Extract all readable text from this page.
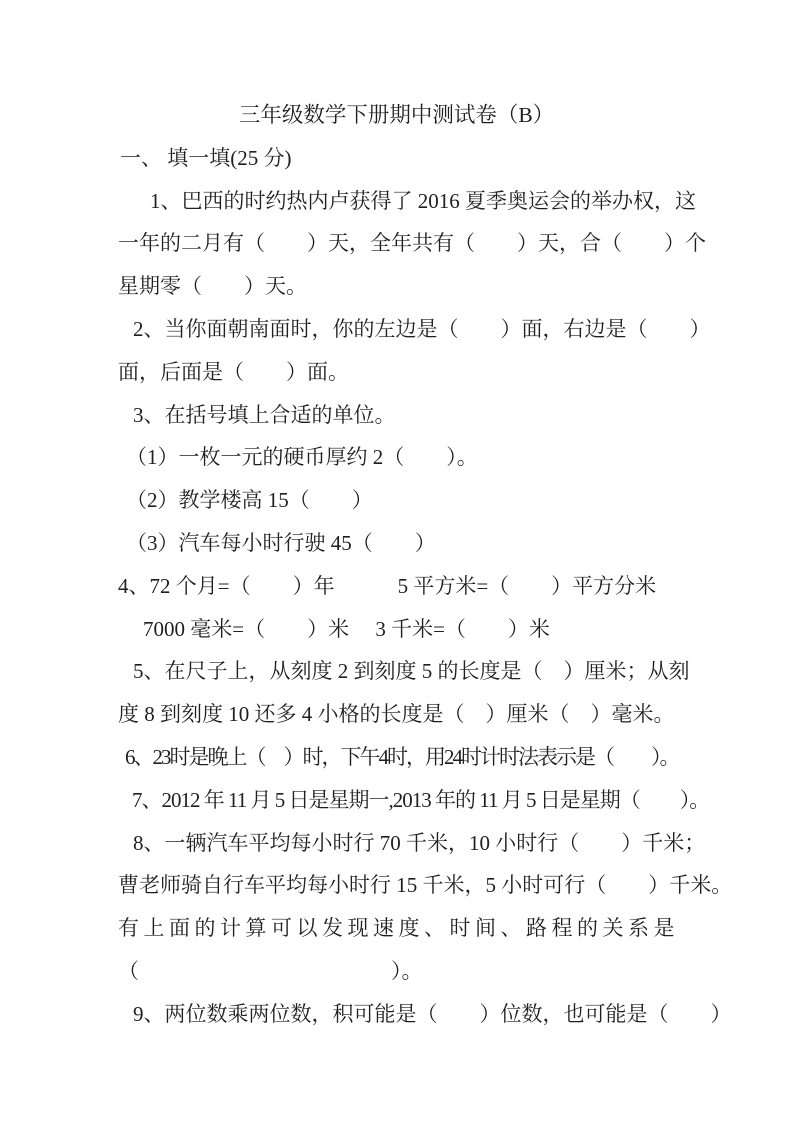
三年级数学下册期中测试卷（B）
一、 填一填(25 分)
1、巴西的时约热内卢获得了 2016 夏季奥运会的举办权，这
一年的二月有（　　）天，全年共有（　　）天，合（　　）个
星期零（　　）天。
2、当你面朝南面时，你的左边是（　　）面，右边是（　　）
面，后面是（　　）面。
3、在括号填上合适的单位。
（1）一枚一元的硬币厚约 2（　　）。
（2）教学楼高 15（　　）
（3）汽车每小时行驶 45（　　）
4、72 个月=（　　）年　　　5 平方米=（　　）平方分米
7000 毫米=（　　）米　 3 千米=（　　）米
5、在尺子上，从刻度 2 到刻度 5 的长度是（　）厘米；从刻
度 8 到刻度 10 还多 4 小格的长度是（　）厘米（　）毫米。
6、23时是晚上（　）时，下午4时，用24时计时法表示是（　　）。
7、2012 年 11 月 5 日是星期一,2013 年的 11 月 5 日是星期（　　）。
8、一辆汽车平均每小时行 70 千米，10 小时行（　　）千米；
曹老师骑自行车平均每小时行 15 千米，5 小时可行（　　）千米。
有上面的计算可以发现速度、时间、路程的关系是
（　　　　　　　　　　　　）。
9、两位数乘两位数，积可能是（　　）位数，也可能是（　　）
